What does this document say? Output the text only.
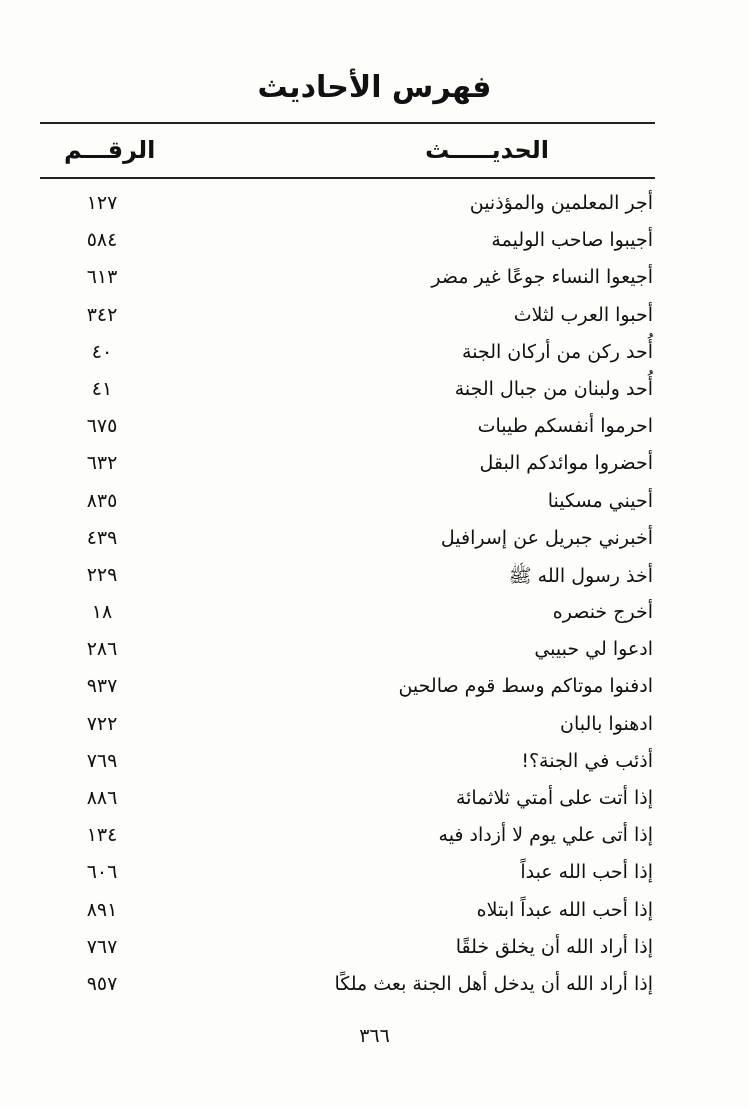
فهرس الأحاديث
الحديـــــث
الرقـــم
أجر المعلمين والمؤذنين
١٢٧
أجيبوا صاحب الوليمة
٥٨٤
أجيعوا النساء جوعًا غير مضر
٦١٣
أحبوا العرب لثلاث
٣٤٢
أُحد ركن من أركان الجنة
٤٠
أُحد ولبنان من جبال الجنة
٤١
احرموا أنفسكم طيبات
٦٧٥
أحضروا موائدكم البقل
٦٣٢
أحيني مسكينا
٨٣٥
أخبرني جبريل عن إسرافيل
٤٣٩
أخذ رسول الله ﷺ
٢٢٩
أخرج خنصره
١٨
ادعوا لي حبيبي
٢٨٦
ادفنوا موتاكم وسط قوم صالحين
٩٣٧
ادهنوا بالبان
٧٢٢
أذئب في الجنة؟!
٧٦٩
إذا أتت على أمتي ثلاثمائة
٨٨٦
إذا أتى علي يوم لا أزداد فيه
١٣٤
إذا أحب الله عبداً
٦٠٦
إذا أحب الله عبداً ابتلاه
٨٩١
إذا أراد الله أن يخلق خلقًا
٧٦٧
إذا أراد الله أن يدخل أهل الجنة بعث ملكًا
٩٥٧
٣٦٦
